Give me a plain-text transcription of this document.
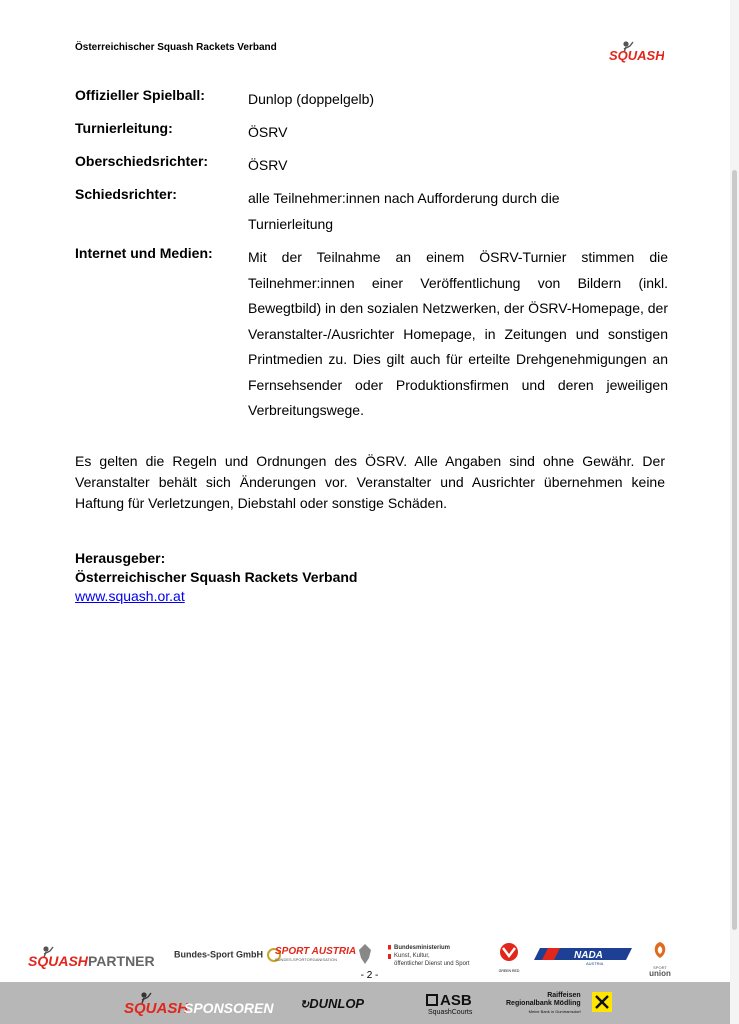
Österreichischer Squash Rackets Verband
SQUASH
Offizieller Spielball:	Dunlop (doppelgelb)
Turnierleitung:	ÖSRV
Oberschiedsrichter:	ÖSRV
Schiedsrichter:	alle Teilnehmer:innen nach Aufforderung durch die Turnierleitung
Internet und Medien:	Mit der Teilnahme an einem ÖSRV-Turnier stimmen die Teilnehmer:innen einer Veröffentlichung von Bildern (inkl. Bewegtbild) in den sozialen Netzwerken, der ÖSRV-Homepage, der Veranstalter-/Ausrichter Homepage, in Zeitungen und sonstigen Printmedien zu. Dies gilt auch für erteilte Drehgenehmigungen an Fernsehsender oder Produktionsfirmen und deren jeweiligen Verbreitungswege.
Es gelten die Regeln und Ordnungen des ÖSRV. Alle Angaben sind ohne Gewähr. Der Veranstalter behält sich Änderungen vor. Veranstalter und Ausrichter übernehmen keine Haftung für Verletzungen, Diebstahl oder sonstige Schäden.
Herausgeber:
Österreichischer Squash Rackets Verband
www.squash.or.at
SQUASH PARTNER Bundes-Sport GmbH	SPORT AUSTRIA
BUNDES-SPORTORGANISATION
Bundesministerium
Kunst, Kultur,
öffentlicher Dienst und Sport
GREEN RED
NADA
AUSTRIA
SPORT
union
- 2 -
SQUASH
SPONSOREN ↻DUNLOP	ASB
SquashCourts
Raiffeisen
Regionalbank Mödling
Meine Bank in Gumtramsdorf
